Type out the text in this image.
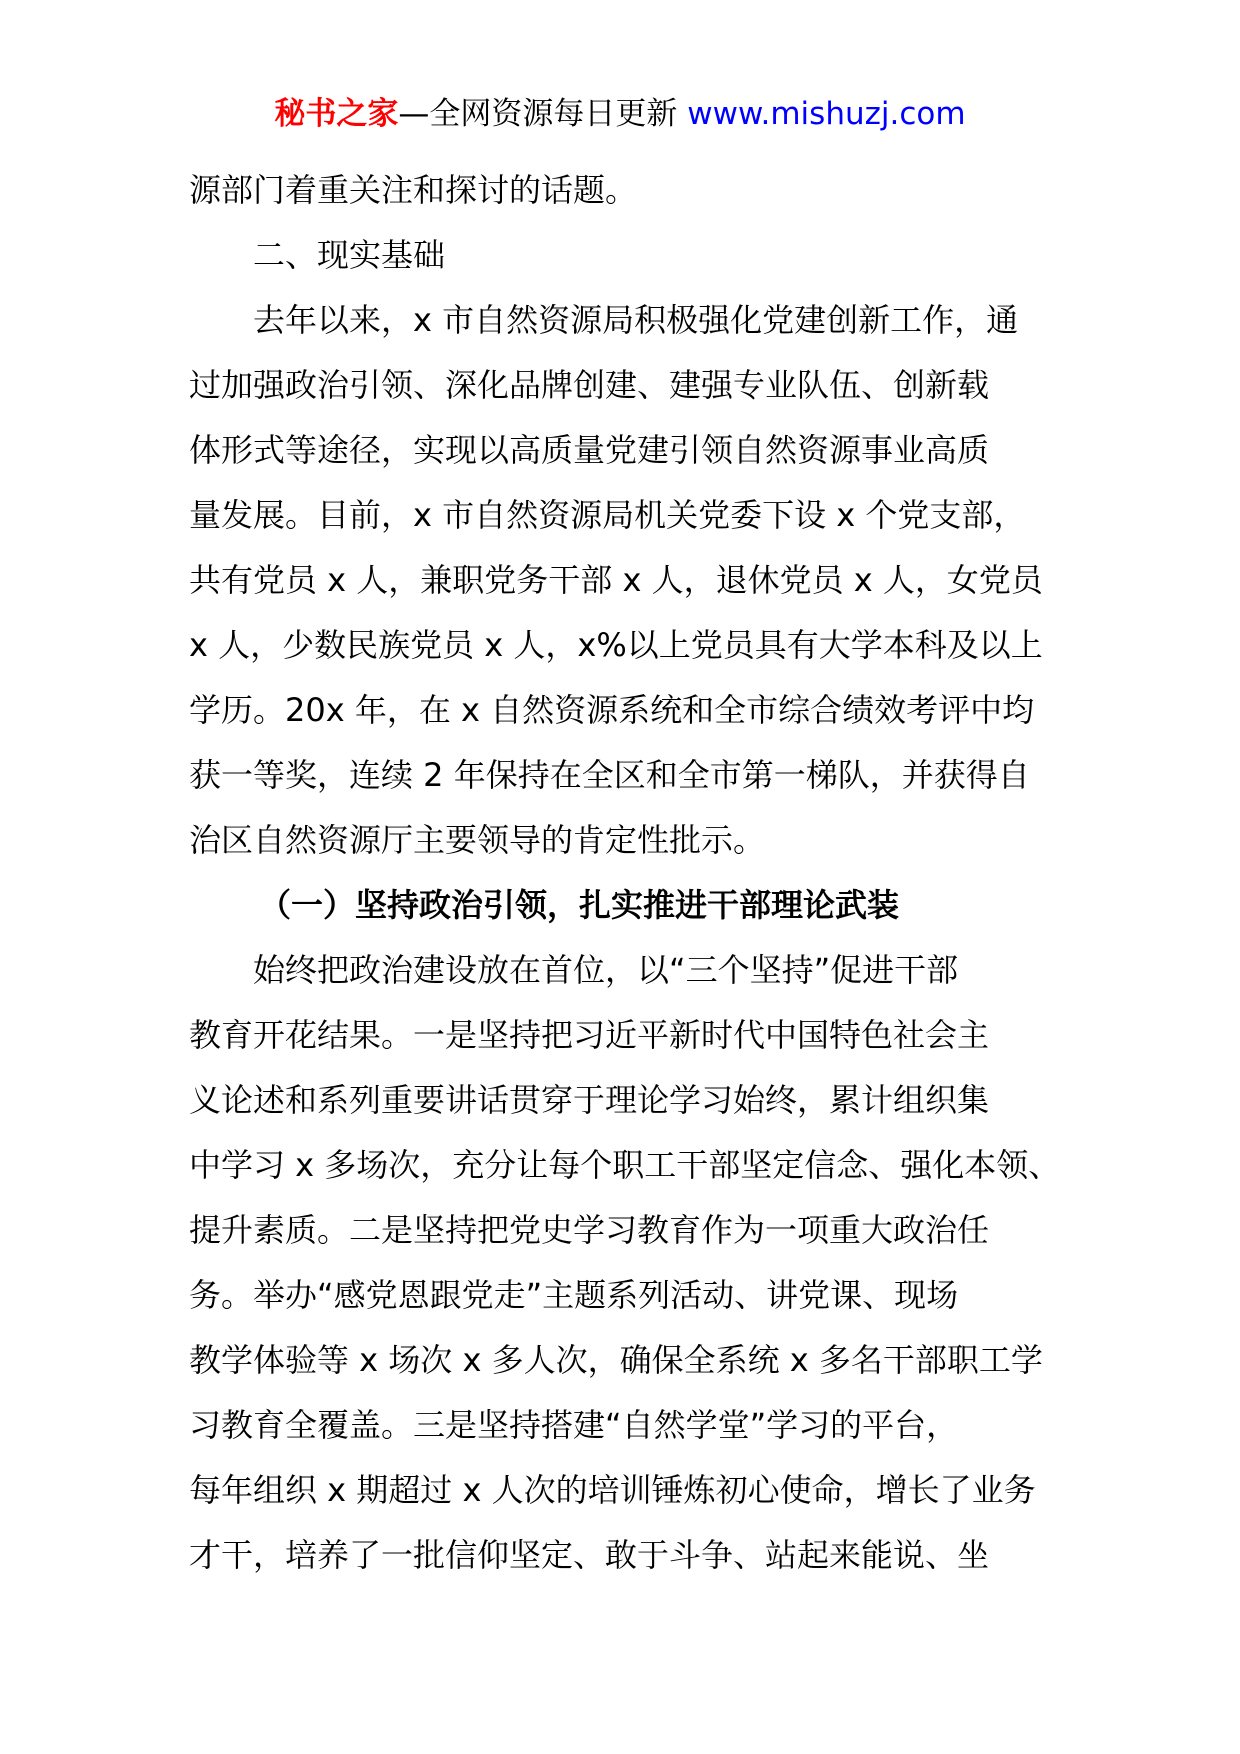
秘书之家—全网资源每日更新 www.mishuzj.com
源部门着重关注和探讨的话题。
二、现实基础
去年以来，x 市自然资源局积极强化党建创新工作，通
过加强政治引领、深化品牌创建、建强专业队伍、创新载
体形式等途径，实现以高质量党建引领自然资源事业高质
量发展。目前，x 市自然资源局机关党委下设 x 个党支部，
共有党员 x 人，兼职党务干部 x 人，退休党员 x 人，女党员
x 人，少数民族党员 x 人，x%以上党员具有大学本科及以上
学历。20x 年，在 x 自然资源系统和全市综合绩效考评中均
获一等奖，连续 2 年保持在全区和全市第一梯队，并获得自
治区自然资源厅主要领导的肯定性批示。
（一）坚持政治引领，扎实推进干部理论武装
始终把政治建设放在首位，以“三个坚持”促进干部
教育开花结果。一是坚持把习近平新时代中国特色社会主
义论述和系列重要讲话贯穿于理论学习始终，累计组织集
中学习 x 多场次，充分让每个职工干部坚定信念、强化本领、
提升素质。二是坚持把党史学习教育作为一项重大政治任
务。举办“感党恩跟党走”主题系列活动、讲党课、现场
教学体验等 x 场次 x 多人次，确保全系统 x 多名干部职工学
习教育全覆盖。三是坚持搭建“自然学堂”学习的平台，
每年组织 x 期超过 x 人次的培训锤炼初心使命，增长了业务
才干，培养了一批信仰坚定、敢于斗争、站起来能说、坐
